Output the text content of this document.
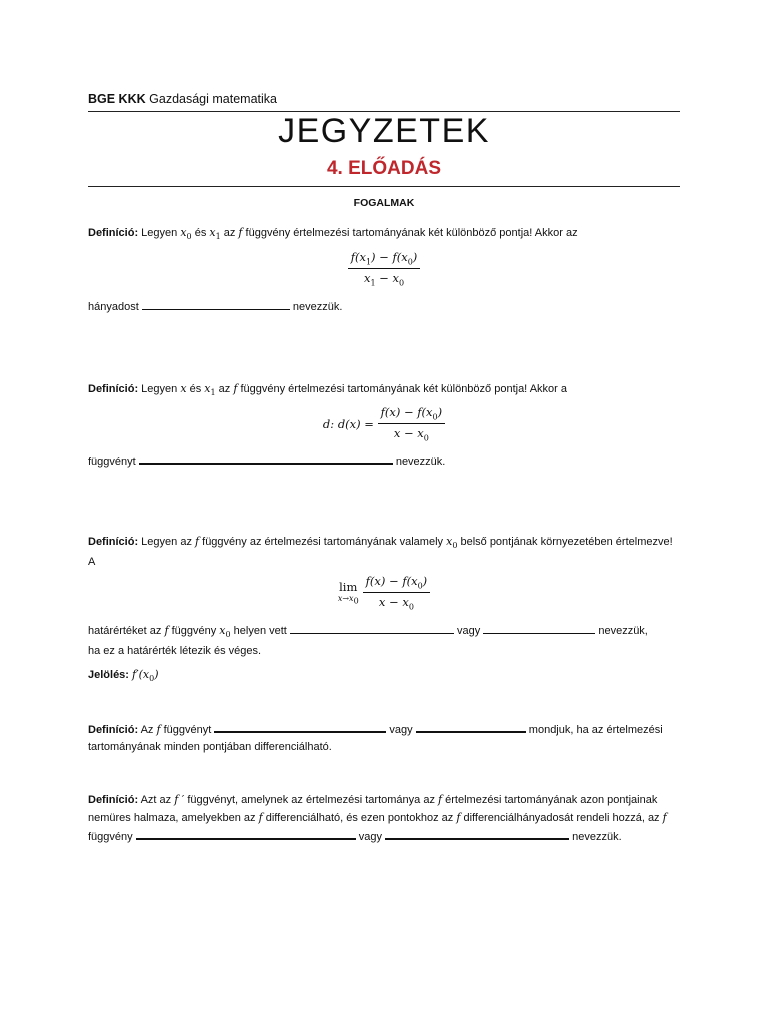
BGE KKK Gazdasági matematika
JEGYZETEK
4. ELŐADÁS
FOGALMAK
Definíció: Legyen $x_0$ és $x_1$ az f függvény értelmezési tartományának két különböző pontja! Akkor az
$\frac{f(x_1) - f(x_0)}{x_1 - x_0}$
hányadost	nevezzük.
Definíció: Legyen x és $x_1$ az f függvény értelmezési tartományának két különböző pontja! Akkor a
d: $d(x) = \frac{f(x) - f(x_0)}{x - x_0}$
függvényt	nevezzük.
Definíció: Legyen az f függvény az értelmezési tartományának valamely $x_0$ belső pontjának környezetében értelmezve! A
lim
$x\to x_0 \frac{f(x) - f(x_0)}{x - x_0}$
határértéket az f függvény $x_0$ helyen vett	vagy	nevezzük,
ha ez a határérték létezik és véges.
Jelölés: $f'(x_0)$
Definíció: Az f függvényt	vagy	mondjuk, ha az értelmezési tartományának minden pontjában differenciálható.
Definíció: Azt az f ′ függvényt, amelynek az értelmezési tartománya az f értelmezési tartományának azon pontjainak nemüres halmaza, amelyekben az f differenciálható, és ezen pontokhoz az f differenciálhányadosát rendeli hozzá, az f függvény	vagy	nevezzük.
